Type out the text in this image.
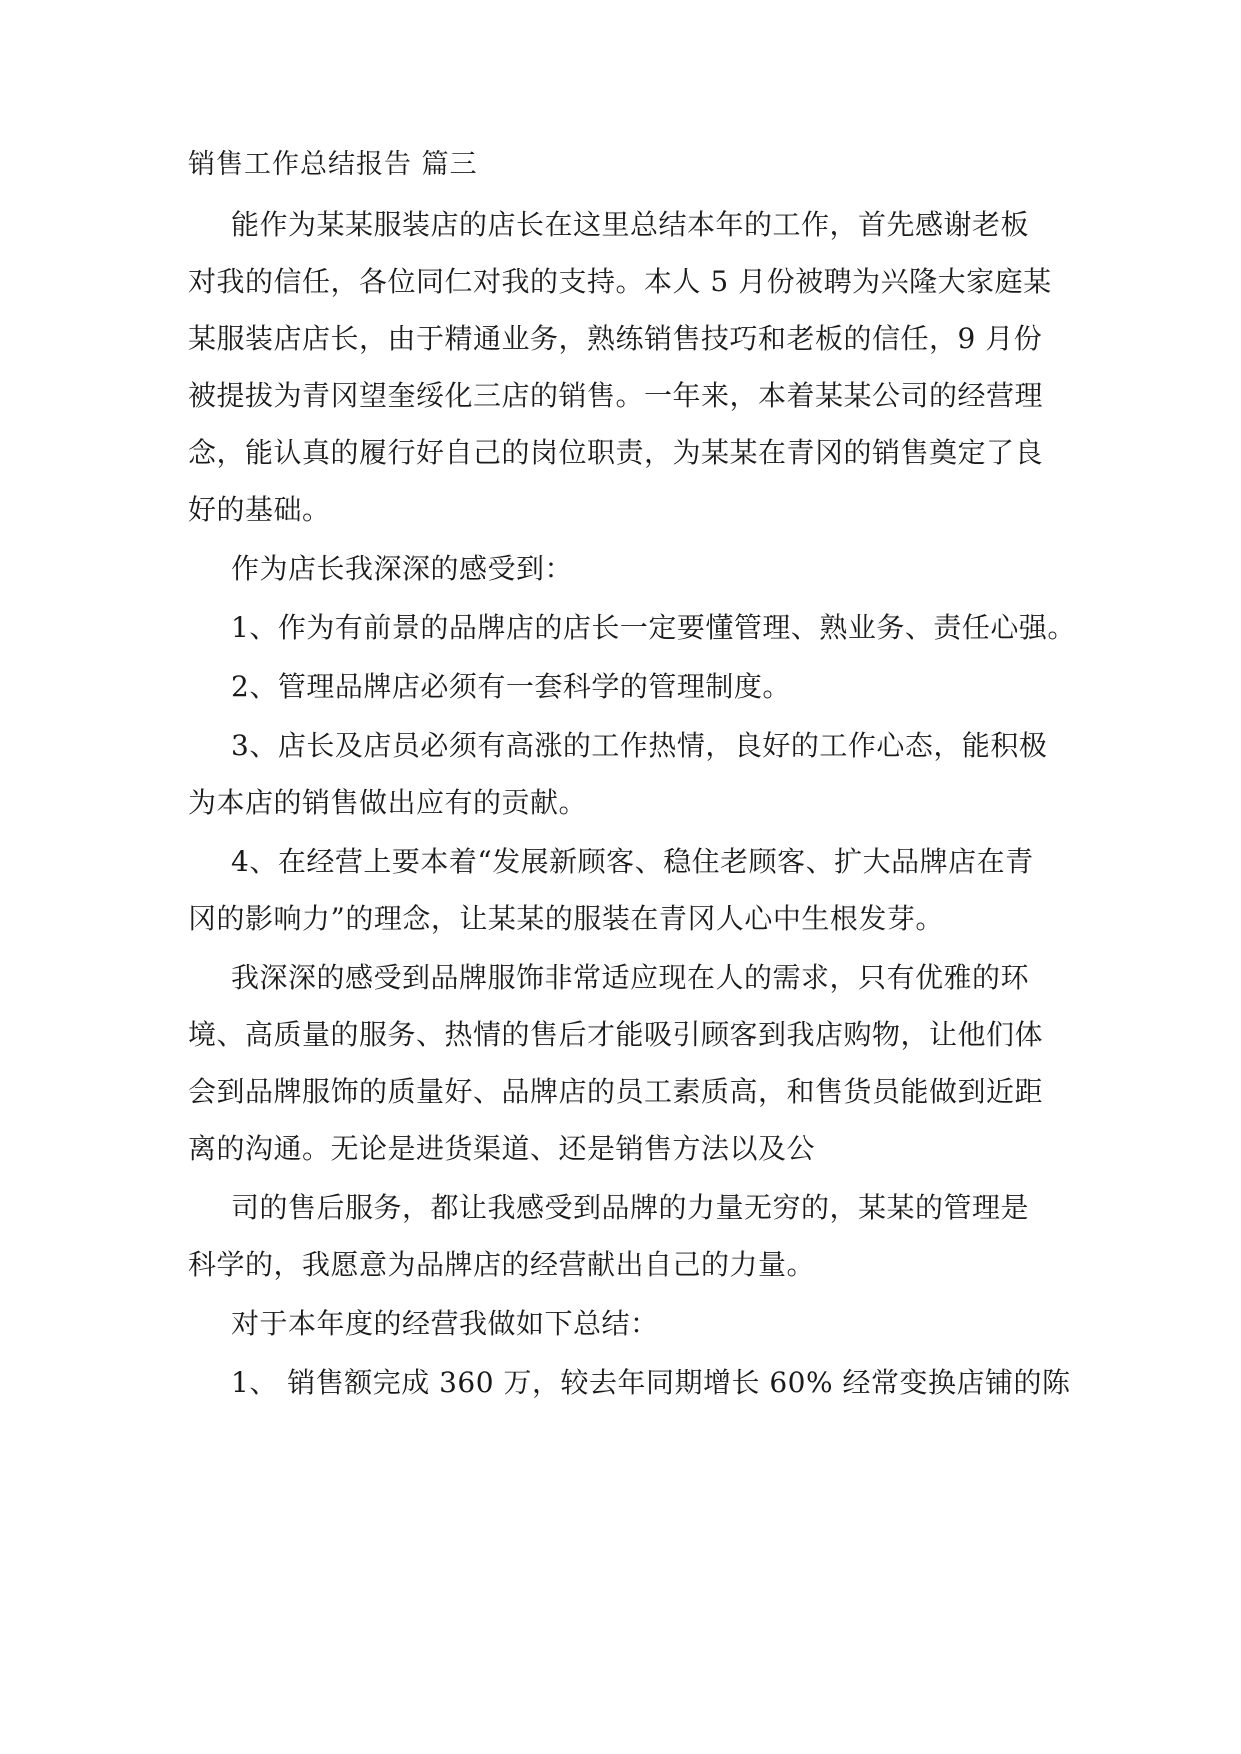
销售工作总结报告 篇三

能作为某某服装店的店长在这里总结本年的工作，首先感谢老板

对我的信任，各位同仁对我的支持。本人 5 月份被聘为兴隆大家庭某

某服装店店长，由于精通业务，熟练销售技巧和老板的信任，9 月份

被提拔为青冈望奎绥化三店的销售。一年来，本着某某公司的经营理

念，能认真的履行好自己的岗位职责，为某某在青冈的销售奠定了良

好的基础。

作为店长我深深的感受到：

1、作为有前景的品牌店的店长一定要懂管理、熟业务、责任心强。

2、管理品牌店必须有一套科学的管理制度。

3、店长及店员必须有高涨的工作热情，良好的工作心态，能积极

为本店的销售做出应有的贡献。

4、在经营上要本着“发展新顾客、稳住老顾客、扩大品牌店在青

冈的影响力”的理念，让某某的服装在青冈人心中生根发芽。

我深深的感受到品牌服饰非常适应现在人的需求，只有优雅的环

境、高质量的服务、热情的售后才能吸引顾客到我店购物，让他们体

会到品牌服饰的质量好、品牌店的员工素质高，和售货员能做到近距

离的沟通。无论是进货渠道、还是销售方法以及公

司的售后服务，都让我感受到品牌的力量无穷的，某某的管理是

科学的，我愿意为品牌店的经营献出自己的力量。

对于本年度的经营我做如下总结：

1、 销售额完成 360 万，较去年同期增长 60% 经常变换店铺的陈
